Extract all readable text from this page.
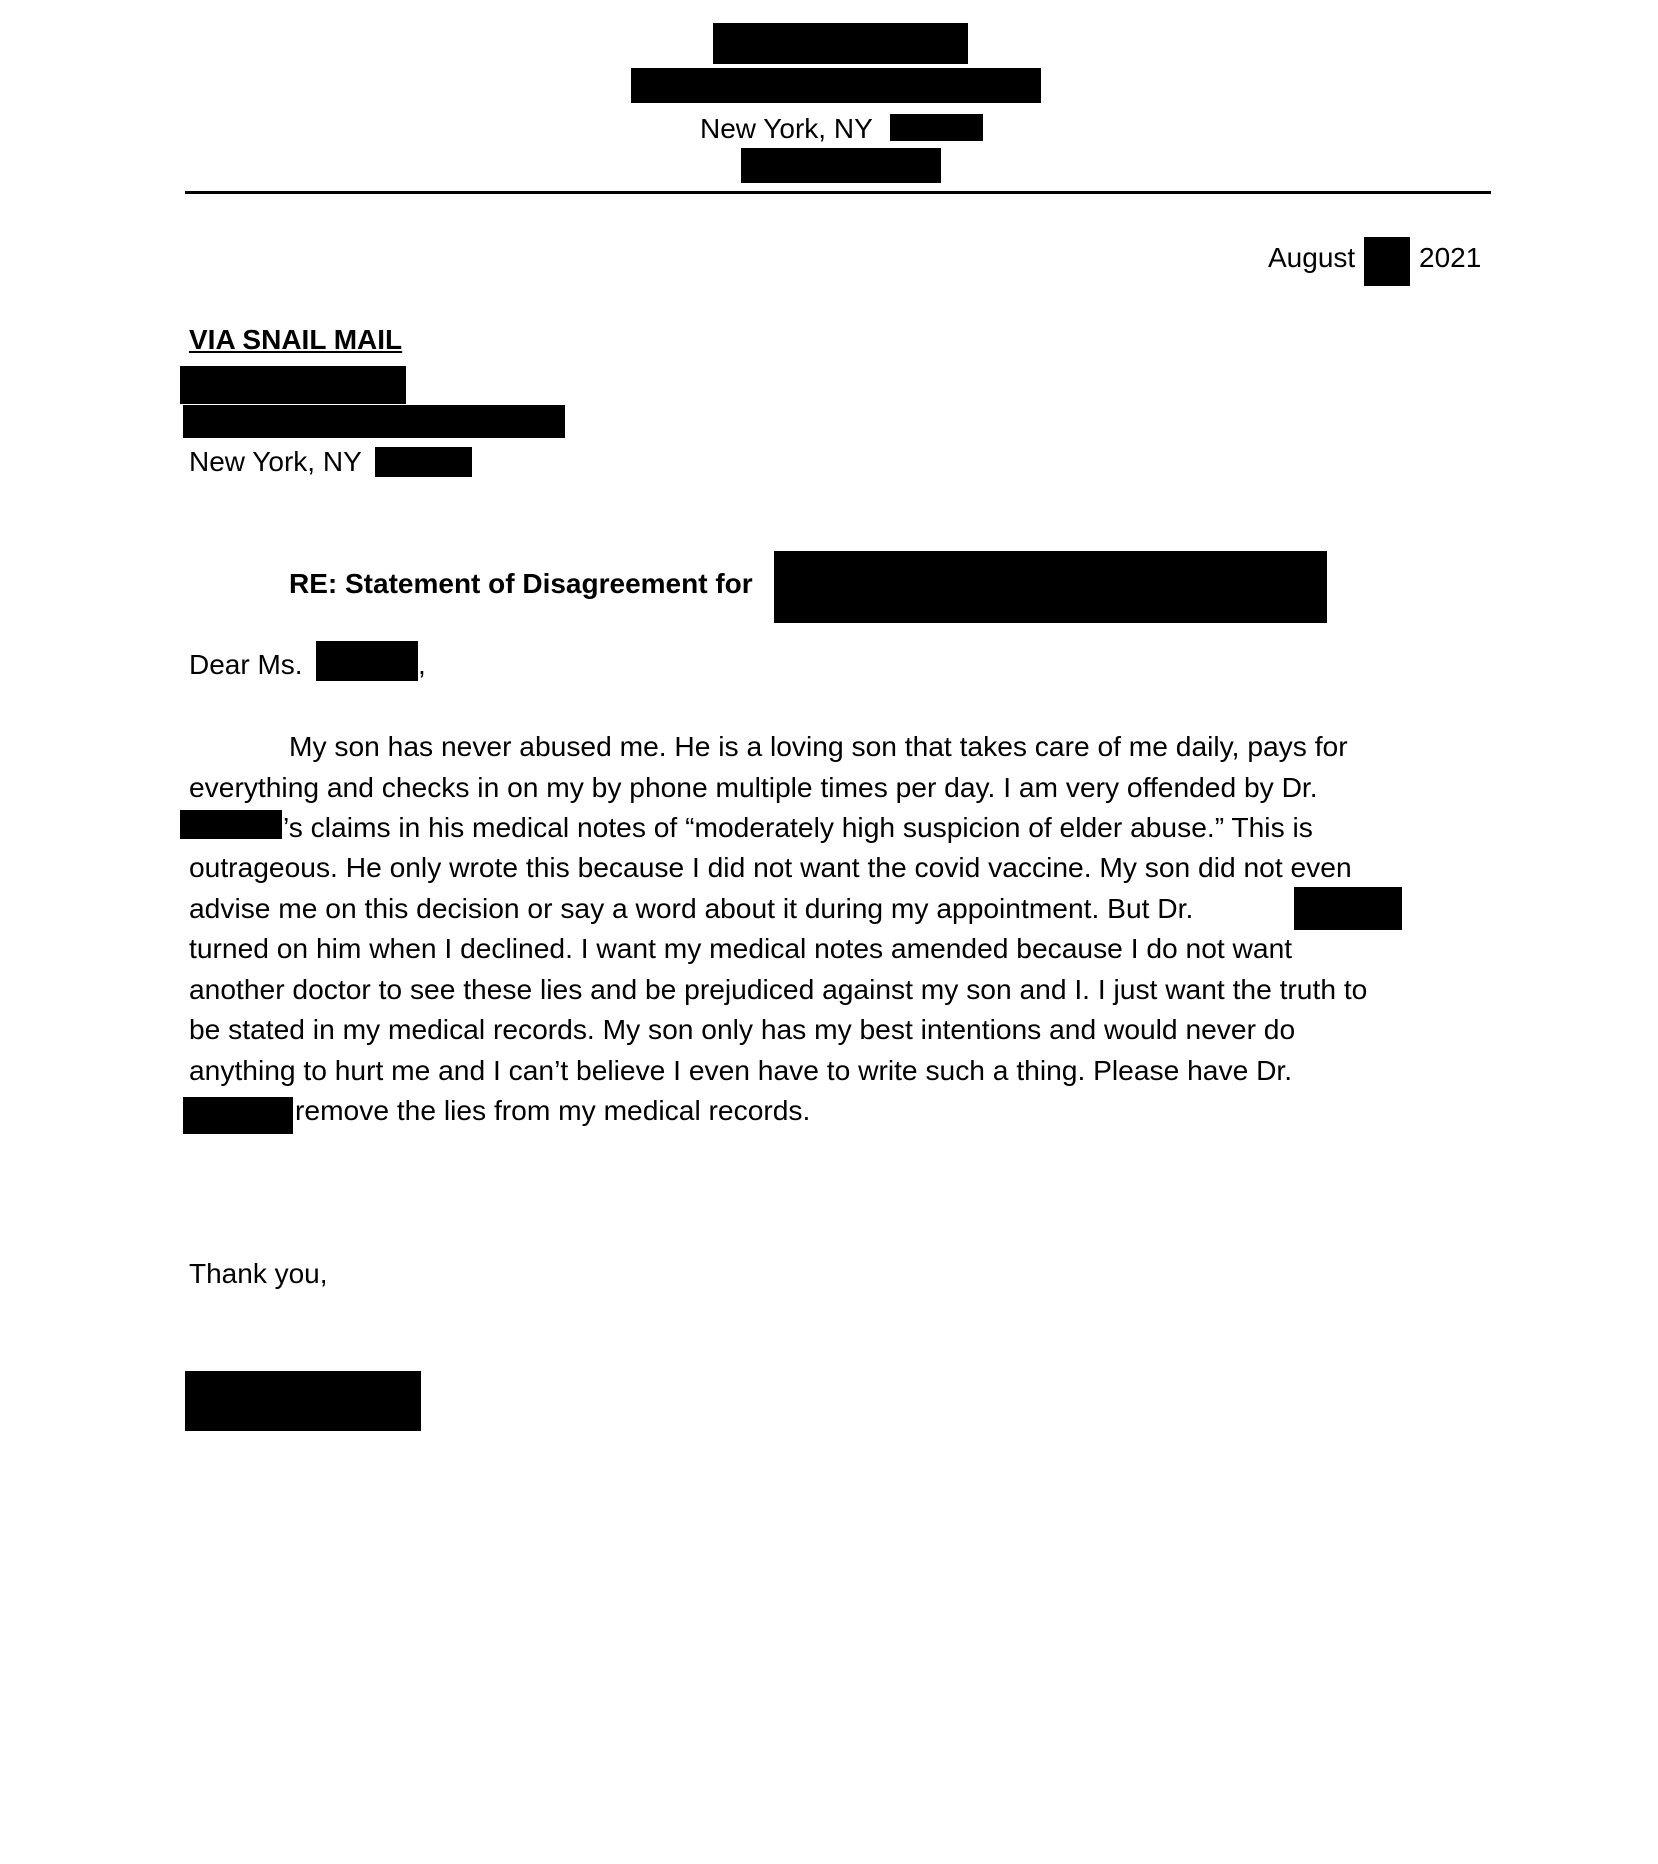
New York, NY
August 2021
VIA SNAIL MAIL
New York, NY
RE: Statement of Disagreement for
Dear Ms.	,
My son has never abused me. He is a loving son that takes care of me daily, pays for
everything and checks in on my by phone multiple times per day. I am very offended by Dr.
’s claims in his medical notes of “moderately high suspicion of elder abuse.” This is
outrageous. He only wrote this because I did not want the covid vaccine. My son did not even
advise me on this decision or say a word about it during my appointment. But Dr.
turned on him when I declined. I want my medical notes amended because I do not want
another doctor to see these lies and be prejudiced against my son and I. I just want the truth to
be stated in my medical records. My son only has my best intentions and would never do
anything to hurt me and I can’t believe I even have to write such a thing. Please have Dr.
remove the lies from my medical records.
Thank you,
